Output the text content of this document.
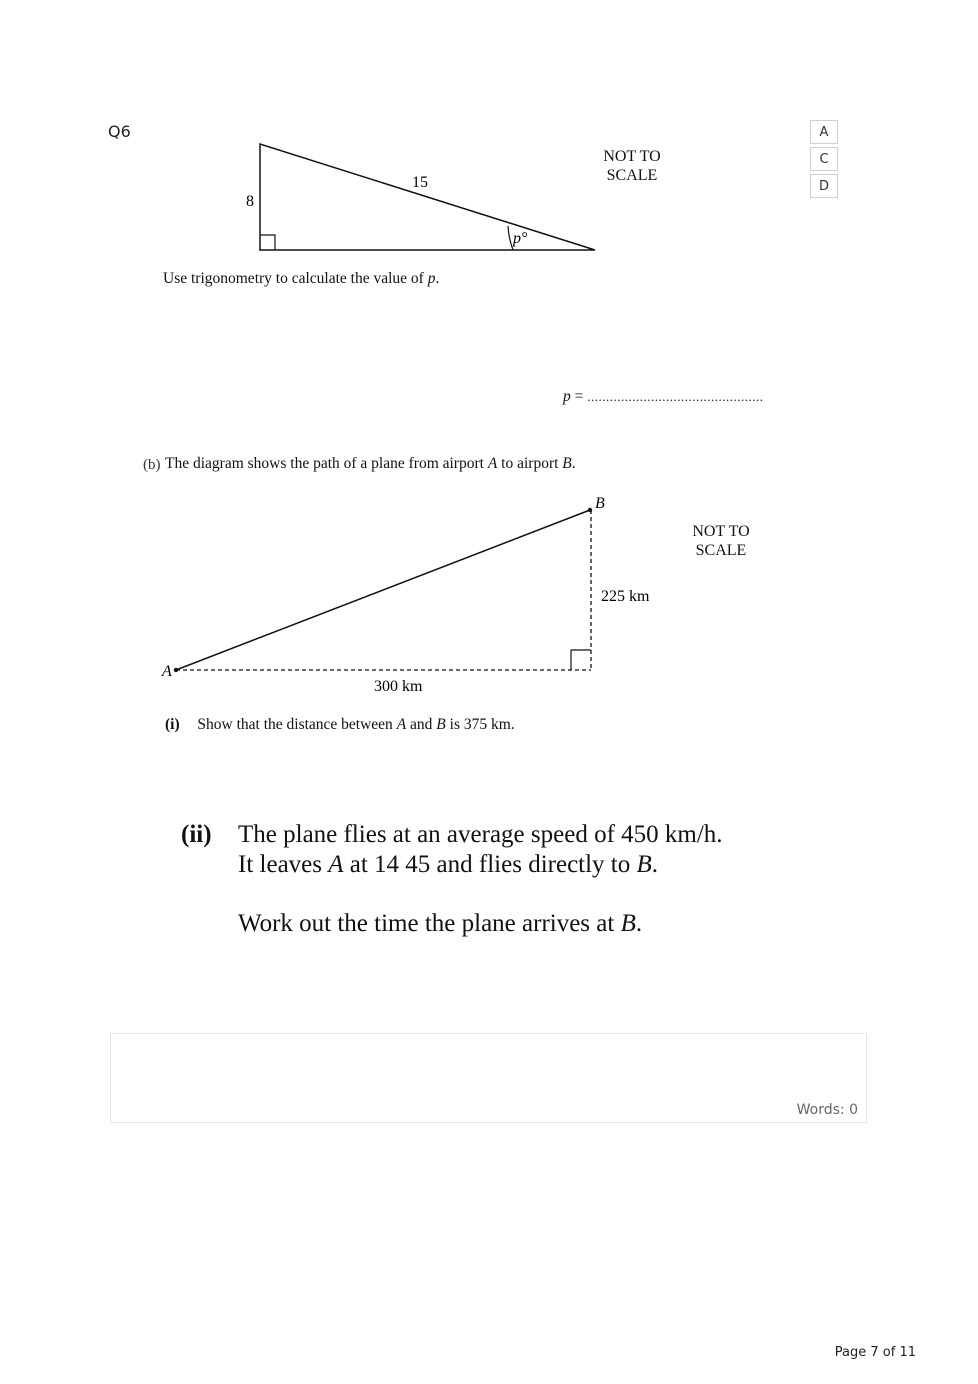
Q6	A
C
D
8
15
p°
NOT TO
SCALE
Use trigonometry to calculate the value of p.
p = ...............................................
(b) The diagram shows the path of a plane from airport A to airport B.
A
B
225 km
300 km
NOT TO
SCALE
(i) Show that the distance between A and B is 375 km.
(ii) The plane flies at an average speed of 450 km/h.
It leaves A at 14 45 and flies directly to B.
Work out the time the plane arrives at B.
Words: 0
Page 7 of 11
